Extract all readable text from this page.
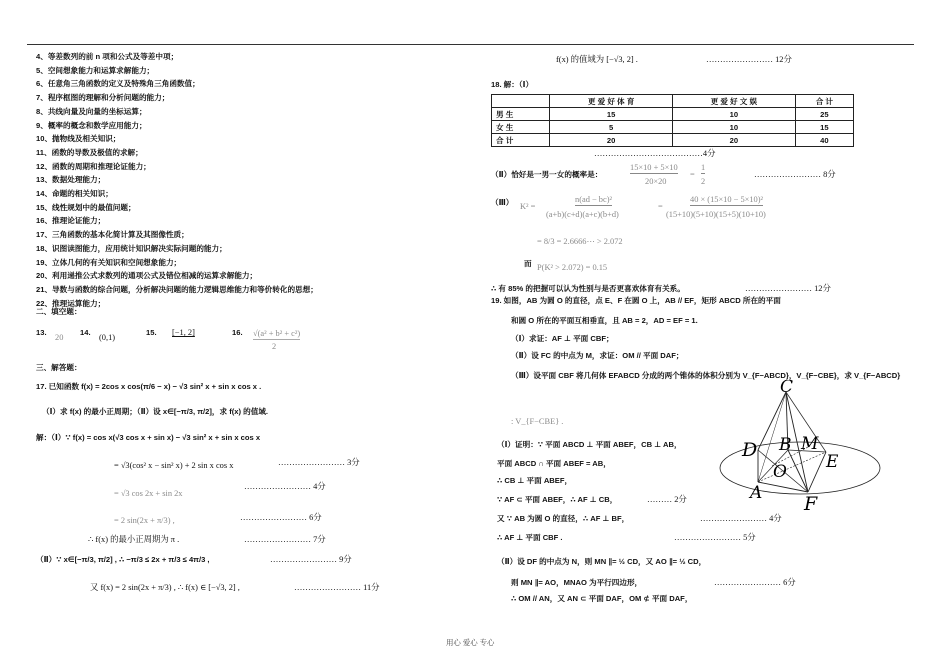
4、等差数列的前 n 项和公式及等差中项；
5、空间想象能力和运算求解能力；
6、任意角三角函数的定义及特殊角三角函数值；
7、程序框图的理解和分析问题的能力；
8、共线向量及向量的坐标运算；
9、概率的概念和数学应用能力；
10、抛物线及相关知识；
11、函数的导数及极值的求解；
12、函数的周期和推理论证能力；
13、数据处理能力；
14、命题的相关知识；
15、线性规划中的最值问题；
16、推理论证能力；
17、三角函数的基本化简计算及其图像性质；
18、识图读图能力，应用统计知识解决实际问题的能力；
19、立体几何的有关知识和空间想象能力；
20、利用递推公式求数列的通项公式及错位相减的运算求解能力；
21、导数与函数的综合问题，分析解决问题的能力逻辑思维能力和等价转化的思想；
22、推理运算能力；
二、填空题：
13.
20
14.
(0,1)
15. [−1, 2]	16. √(a² + b² + c²)
2
三、解答题：
17. 已知函数 f(x) = 2cos x cos(π/6 − x) − √3 sin² x + sin x cos x .
（Ⅰ）求 f(x) 的最小正周期；（Ⅱ）设 x∈[−π/3, π/2]，求 f(x) 的值域.
解：（Ⅰ）∵ f(x) = cos x(√3 cos x + sin x) − √3 sin² x + sin x cos x
= √3(cos² x − sin² x) + 2 sin x cos x	…………………… 3分
= √3 cos 2x + sin 2x
…………………… 4分
= 2 sin(2x + π/3) ,	…………………… 6分
∴ f(x) 的最小正周期为 π .	…………………… 7分
（Ⅱ）∵ x∈[−π/3, π/2] , ∴ −π/3 ≤ 2x + π/3 ≤ 4π/3 ,	…………………… 9分
又 f(x) = 2 sin(2x + π/3) , ∴ f(x) ∈ [−√3, 2] ,	…………………… 11分
f(x) 的值域为 [−√3, 2] .	…………………… 12分
18. 解：（Ⅰ）
	更 爱 好 体 育	更 爱 好 文 娱	合 计
男 生	15	10	25
女 生	5	10	15
合 计	20	20	40
…………………………………4分
（Ⅱ）恰好是一男一女的概率是：
15×10 + 5×10
20×20
=
1
2
…………………… 8分
（Ⅲ） K² =
n(ad − bc)²
(a+b)(c+d)(a+c)(b+d)
=
40 × (15×10 − 5×10)²
(15+10)(5+10)(15+5)(10+10)
= 8/3 = 2.6666⋯ > 2.072
而 P(K² > 2.072) = 0.15
∴ 有 85% 的把握可以认为性别与是否更喜欢体育有关系。	…………………… 12分
19. 如图，AB 为圆 O 的直径，点 E、F 在圆 O 上，AB // EF，矩形 ABCD 所在的平面
和圆 O 所在的平面互相垂直，且 AB = 2，AD = EF = 1.
（Ⅰ）求证：AF ⊥ 平面 CBF；
（Ⅱ）设 FC 的中点为 M，求证：OM // 平面 DAF；
（Ⅲ）设平面 CBF 将几何体 EFABCD 分成的两个锥体的体积分别为 V_{F−ABCD}，V_{F−CBE}，求 V_{F−ABCD}
: V_{F−CBE} .
（Ⅰ）证明：∵ 平面 ABCD ⊥ 平面 ABEF，CB ⊥ AB，
平面 ABCD ∩ 平面 ABEF = AB，
∴ CB ⊥ 平面 ABEF，
∵ AF ⊂ 平面 ABEF，∴ AF ⊥ CB，	……… 2分
又 ∵ AB 为圆 O 的直径，∴ AF ⊥ BF，	…………………… 4分
∴ AF ⊥ 平面 CBF .	…………………… 5分
（Ⅱ）设 DF 的中点为 N，则 MN ∥= ½ CD，又 AO ∥= ½ CD，
则 MN ∥= AO，MNAO 为平行四边形，	…………………… 6分
∴ OM // AN，又 AN ⊂ 平面 DAF，OM ⊄ 平面 DAF，
C
D B M
O E
A F
用心 爱心 专心
